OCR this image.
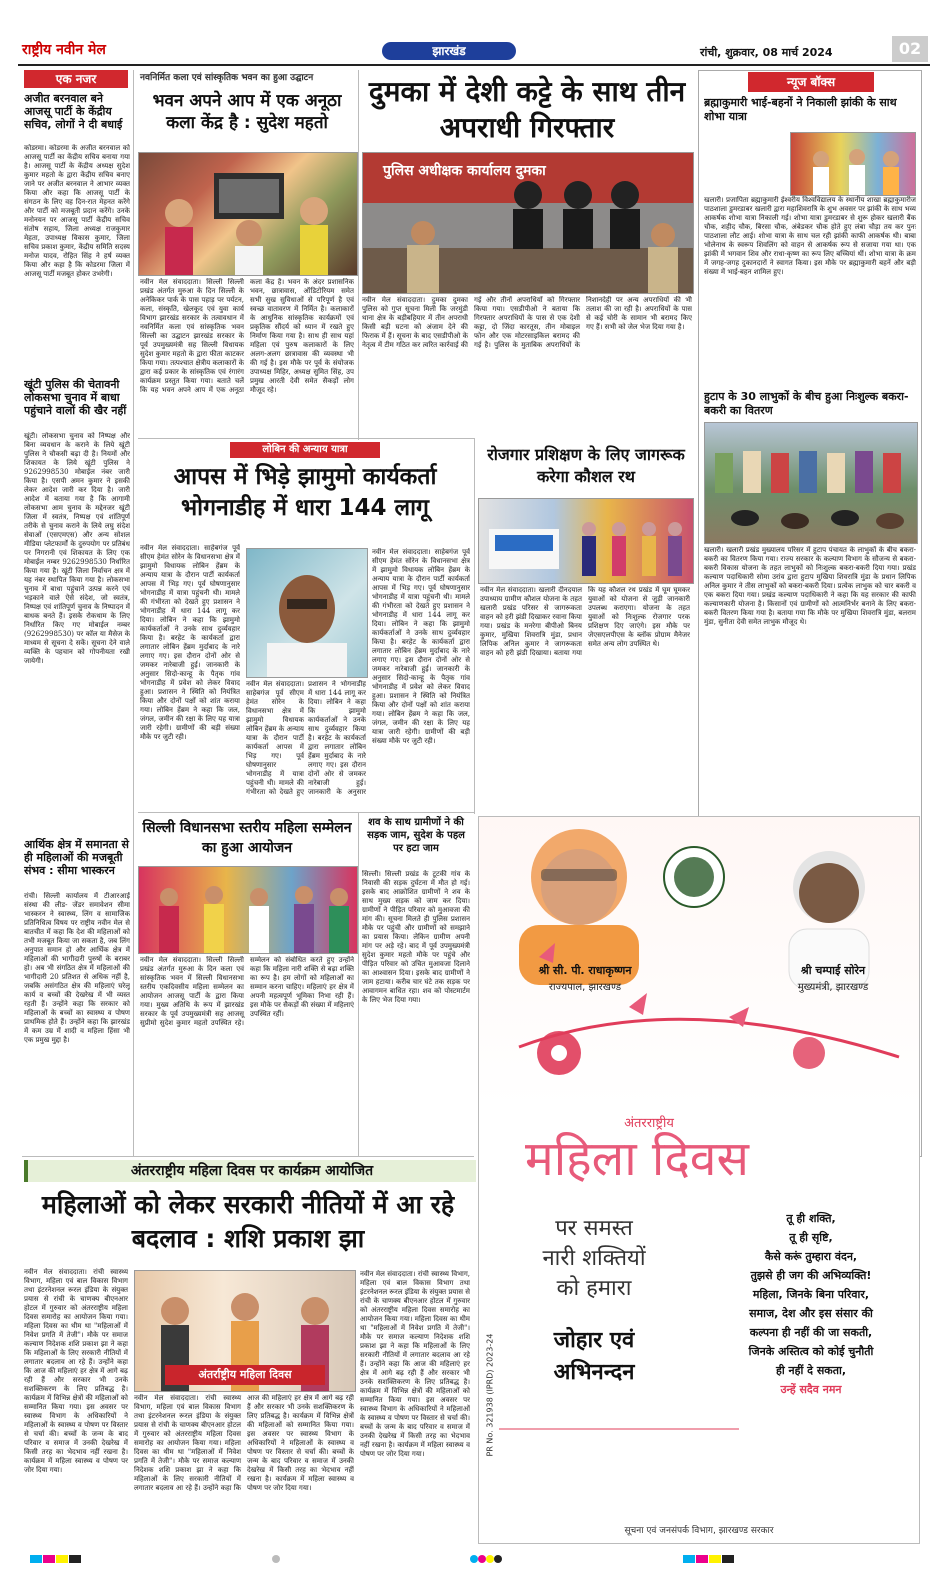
राष्ट्रीय नवीन मेल	झारखंड	रांची, शुक्रवार, 08 मार्च 2024	02
एक नजर
अजीत बरनवाल बने आजसू पार्टी के केंद्रीय सचिव, लोगों ने दी बधाई
कोडरमा। कोडरमा के अजीत बरनवाल को आजसू पार्टी का केंद्रीय सचिव बनाया गया है। आजसू पार्टी के केंद्रीय अध्यक्ष सुदेश कुमार महतो के द्वारा केंद्रीय सचिव बनाए जाने पर अजीत बरनवाल ने आभार व्यक्त किया और कहा कि आजसू पार्टी के संगठन के लिए वह दिन-रात मेहनत करेंगे और पार्टी को मजबूती प्रदान करेंगे। उनके मनोनयन पर आजसू पार्टी केंद्रीय सचिव संतोष सहाय, जिला अध्यक्ष राजकुमार मेहता, उपाध्यक्ष विकास कुमार, जिला सचिव प्रकाश कुमार, केंद्रीय समिति सदस्य मनोज यादव, रोहित सिंह ने हर्ष व्यक्त किया और कहा है कि कोडरमा जिला में आजसू पार्टी मजबूत होकर उभरेगी।
खूंटी पुलिस की चेतावनी लोकसभा चुनाव में बाधा पहुंचाने वालों की खैर नहीं
खूंटी। लोकसभा चुनाव को निष्पक्ष और बिना व्यवधान के कराने के लिये खूंटी पुलिस ने चौकसी बढ़ा दी है। नियमों और शिकायत के लिये खूंटी पुलिस ने 9262998530 मोबाईल नंबर जारी किया है। एसपी अमन कुमार ने इसकी लेकर आदेश जारी कर दिया है। जारी आदेश में बताया गया है कि आगामी लोकसभा आम चुनाव के मद्देनजर खूंटी जिला में स्वतंत्र, निष्पक्ष एवं शांतिपूर्ण तरीके से चुनाव कराने के लिये लघु संदेश सेवाओं (एसएमएस) और अन्य सोशल मीडिया प्लेटफार्मों के दुरुपयोग पर प्रतिबंध पर निगरानी एवं शिकायत के लिए एक मोबाईल नम्बर 9262998530 निर्धारित किया गया है। खूंटी जिला निर्वाचन क्षत्र में यह नंबर स्थापित किया गया है। लोकसभा चुनाव में बाधा पहुंचाने उत्पन्न करने एवं भड़काने वाले ऐसे संदेश, जो स्वतंत्र, निष्पक्ष एवं शांतिपूर्ण चुनाव के निष्पादन में बाधक बनते हैं। इसके रोकथाम के लिए निर्धारित किए गए मोबाईल नम्बर (9262998530) पर कॉल या मैसेज के माध्यम से सूचना दे सकें। सूचना देने वाले व्यक्ति के पहचान को गोपनीयता रखी जायेगी।
आर्थिक क्षेत्र में समानता से ही महिलाओं की मजबूती संभव : सीमा भास्करन
रांची। सिल्ली कार्यालय में टीआरआई संस्था की लीड- जेंडर समावेशन सीमा भास्करन ने स्वास्थ्य, लिंग व सामाजिक प्रतिनिधित्व विषय पर राष्ट्रीय नवीन मेल से बातचीत में कहा कि देश की महिलाओं को तभी मजबूत किया जा सकता है, जब लिंग अनुपात समान हो और आर्थिक क्षेत्र में महिलाओं की भागीदारी पुरुषों के बराबर हो। अब भी संगठित क्षेत्र में महिलाओं की भागीदारी 20 प्रतिशत से अधिक नहीं है, जबकि असंगठित क्षेत्र की महिलाएं घरेलू कार्य व बच्चों की देखरेख में भी व्यस्त रहती हैं। उन्होंने कहा कि सरकार को महिलाओं के बच्चों का स्वास्थ्य व पोषण प्राथमिक होते हैं। उन्होंने कहा कि झारखंड में कम उम्र में शादी व महिला हिंसा भी एक प्रमुख मुद्दा है।
नवनिर्मित कला एवं सांस्कृतिक भवन का हुआ उद्घाटन
भवन अपने आप में एक अनूठा कला केंद्र है : सुदेश महतो
नवीन मेल संवाददाता। सिल्ली सिल्ली प्रखंड अंतर्गत मुरुआ के दिन सिल्ली के अनेकिकर पार्क के पास पहाड़ पर पर्यटन, कला, संस्कृति, खेलकूद एवं युवा कार्य विभाग झारखंड सरकार के तत्वावधान में नवनिर्मित कला एवं सांस्कृतिक भवन सिल्ली का उद्घाटन झारखंड सरकार के पूर्व उपमुख्यमंत्री सह सिल्ली विधायक सुदेश कुमार महतो के द्वारा फीता काटकर किया गया। तत्पश्चात क्षेत्रीय कलाकारों के द्वारा कई प्रकार के सांस्कृतिक एवं रंगारंग कार्यक्रम प्रस्तुत किया गया। बताते चलें कि यह भवन अपने आप में एक अनूठा कला केंद्र है। भवन के अंदर प्रशासनिक भवन, छात्रावास, ऑडिटोरियम समेत सभी सुख सुविधाओं से परिपूर्ण है एवं स्वच्छ वातावरण में निर्मित है। कलाकारों के आधुनिक सांस्कृतिक कार्यक्रमों एवं प्रकृतिक सौंदर्य को ध्यान में रखते हुए निर्माण किया गया है। साथ ही साथ यहां महिला एवं पुरुष कलाकारों के लिए अलग-अलग छात्रावास की व्यवस्था भी की गई है। इस मौके पर पूर्व के संयोजक उपाध्यक्ष मिहिर, अध्यक्ष सुमित सिंह, उप प्रमुख आरती देवी समेत सैकड़ों लोग मौजूद रहे।
दुमका में देशी कट्टे के साथ तीन अपराधी गिरफ्तार
पुलिस अधीक्षक कार्यालय दुमका
नवीन मेल संवाददाता। दुमका दुमका पुलिस को गुप्त सूचना मिली कि जरमुंडी थाना क्षेत्र के बड़ीबहियार में तीन अपराधी किसी बड़ी घटना को अंजाम देने की फिराक में हैं। सूचना के बाद एसडीपीओ के नेतृत्व में टीम गठित कर त्वरित कार्रवाई की गई और तीनों अपराधियों को गिरफ्तार किया गया। एसडीपीओ ने बताया कि गिरफ्तार अपराधियों के पास से एक देशी कट्टा, दो जिंदा कारतूस, तीन मोबाइल फोन और एक मोटरसाइकिल बरामद की गई है। पुलिस के मुताबिक अपराधियों के निशानदेही पर अन्य अपराधियों की भी तलाश की जा रही है। अपराधियों के पास से कई चोरी के सामान भी बरामद किए गए हैं। सभी को जेल भेज दिया गया है।
न्यूज बॉक्स
ब्रह्माकुमारी भाई-बहनों ने निकाली झांकी के साथ शोभा यात्रा
खलारी। प्रजापिता ब्रह्माकुमारी ईश्वरीय विश्वविद्यालय के स्थानीय शाखा ब्रह्माकुमारीज पाठशाला डुमरडाबर खलारी द्वारा महाशिवरात्रि के शुभ अवसर पर झांकी के साथ भव्य आकर्षक शोभा यात्रा निकाली गई। शोभा यात्रा डुमरडाबर से शुरू होकर खलारी बैंक चौक, शहीद चौक, बिरसा चौक, अंबेडकर चौक होते हुए लंबा चौड़ा तय कर पुनः पाठशाला लौट आई। शोभा यात्रा के साथ चल रही झांकी काफी आकर्षक थी। बाबा भोलेनाथ के स्वरूप शिवलिंग को वाहन से आकर्षक रूप से सजाया गया था। एक झांकी में भगवान शिव और राधा-कृष्ण का रूप लिए बच्चियां थीं। शोभा यात्रा के क्रम में जगह-जगह दुकानदारों ने स्वागत किया। इस मौके पर ब्रह्माकुमारी बहनें और बड़ी संख्या में भाई-बहन शामिल हुए।
हुटाप के 30 लाभुकों के बीच हुआ निःशुल्क बकरा-बकरी का वितरण
खलारी। खलारी प्रखंड मुख्यालय परिसर में हुटाप पंचायत के लाभुकों के बीच बकरा-बकरी का वितरण किया गया। राज्य सरकार के कल्याण विभाग के सौजन्य से बकरा-बकरी विकास योजना के तहत लाभुकों को निःशुल्क बकरा-बकरी दिया गया। प्रखंड कल्याण पदाधिकारी सोमा उरांव द्वारा हुटाप मुखिया शिवरात्रि मुंडा के प्रधान लिपिक अनिल कुमार ने तीस लाभुकों को बकरा-बकरी दिया। प्रत्येक लाभुक को चार बकरी व एक बकरा दिया गया। प्रखंड कल्याण पदाधिकारी ने कहा कि यह सरकार की काफी कल्याणकारी योजना है। किसानों एवं ग्रामीणों को आत्मनिर्भर बनाने के लिए बकरा-बकरी वितरण किया गया है। बताया गया कि मौके पर मुखिया शिवरात्रि मुंडा, बलराम मुंडा, सुनीता देवी समेत लाभुक मौजूद थे।
लोबिन की अन्याय यात्रा
आपस में भिड़े झामुमो कार्यकर्ता भोगनाडीह में धारा 144 लागू
नवीन मेल संवाददाता। साहेबगंज पूर्व सीएम हेमंत सोरेन के विधानसभा क्षेत्र में झामुमो विधायक लोबिन हेंब्रम के अन्याय यात्रा के दौरान पार्टी कार्यकर्ता आपस में भिड़ गए। पूर्व घोषणानुसार भोगनाडीह में यात्रा पहुंचनी थी। मामले की गंभीरता को देखते हुए प्रशासन ने भोगनाडीह में धारा 144 लागू कर दिया। लोबिन ने कहा कि झामुमो कार्यकर्ताओं ने उनके साथ दुर्व्यवहार किया है। बरहेट के कार्यकर्ता द्वारा लगातार लोबिन हेंब्रम मुर्दाबाद के नारे लगाए गए। इस दौरान दोनों ओर से जमकर नारेबाजी हुई। जानकारी के अनुसार सिदो-कान्हू के पैतृक गांव भोगनाडीह में प्रवेश को लेकर विवाद हुआ। प्रशासन ने स्थिति को नियंत्रित किया और दोनों पक्षों को शांत कराया गया। लोबिन हेंब्रम ने कहा कि जल, जंगल, जमीन की रक्षा के लिए यह यात्रा जारी रहेगी। ग्रामीणों की बड़ी संख्या मौके पर जुटी रही।
नवीन मेल संवाददाता। साहेबगंज पूर्व सीएम हेमंत सोरेन के विधानसभा क्षेत्र में झामुमो विधायक लोबिन हेंब्रम के अन्याय यात्रा के दौरान पार्टी कार्यकर्ता आपस में भिड़ गए। पूर्व घोषणानुसार भोगनाडीह में यात्रा पहुंचनी थी। मामले की गंभीरता को देखते हुए प्रशासन ने भोगनाडीह में धारा 144 लागू कर दिया। लोबिन ने कहा कि झामुमो कार्यकर्ताओं ने उनके साथ दुर्व्यवहार किया है। बरहेट के कार्यकर्ता द्वारा लगातार लोबिन हेंब्रम मुर्दाबाद के नारे लगाए गए। इस दौरान दोनों ओर से जमकर नारेबाजी हुई। जानकारी के अनुसार
नवीन मेल संवाददाता। साहेबगंज पूर्व सीएम हेमंत सोरेन के विधानसभा क्षेत्र में झामुमो विधायक लोबिन हेंब्रम के अन्याय यात्रा के दौरान पार्टी कार्यकर्ता आपस में भिड़ गए। पूर्व घोषणानुसार भोगनाडीह में यात्रा पहुंचनी थी। मामले की गंभीरता को देखते हुए प्रशासन ने भोगनाडीह में धारा 144 लागू कर दिया। लोबिन ने कहा कि झामुमो कार्यकर्ताओं ने उनके साथ दुर्व्यवहार किया है। बरहेट के कार्यकर्ता द्वारा लगातार लोबिन हेंब्रम मुर्दाबाद के नारे लगाए गए। इस दौरान दोनों ओर से जमकर नारेबाजी हुई। जानकारी के अनुसार सिदो-कान्हू के पैतृक गांव भोगनाडीह में प्रवेश को लेकर विवाद हुआ। प्रशासन ने स्थिति को नियंत्रित किया और दोनों पक्षों को शांत कराया गया। लोबिन हेंब्रम ने कहा कि जल, जंगल, जमीन की रक्षा के लिए यह यात्रा जारी रहेगी। ग्रामीणों की बड़ी संख्या मौके पर जुटी रही।
रोजगार प्रशिक्षण के लिए जागरूक करेगा कौशल रथ
नवीन मेल संवाददाता। खलारी दीनदयाल उपाध्याय ग्रामीण कौशल योजना के तहत खलारी प्रखंड परिसर से जागरूकता वाहन को हरी झंडी दिखाकर रवाना किया गया। प्रखंड के मनरेगा बीपीओ बिनय कुमार, मुखिया शिवरात्रि मुंडा, प्रधान लिपिक अनिल कुमार ने जागरूकता वाहन को हरी झंडी दिखाया। बताया गया कि यह कौशल रथ प्रखंड में घूम घूमकर युवाओं को योजना से जुड़ी जानकारी उपलब्ध कराएगा। योजना के तहत युवाओं को निःशुल्क रोजगार परक प्रशिक्षण दिए जाएंगे। इस मौके पर जेएसएलपीएस के ब्लॉक प्रोग्राम मैनेजर समेत अन्य लोग उपस्थित थे।
सिल्ली विधानसभा स्तरीय महिला सम्मेलन का हुआ आयोजन
नवीन मेल संवाददाता। सिल्ली सिल्ली प्रखंड अंतर्गत मुरुआ के दिन कला एवं सांस्कृतिक भवन में सिल्ली विधानसभा स्तरीय एकदिवसीय महिला सम्मेलन का आयोजन आजसू पार्टी के द्वारा किया गया। मुख्य अतिथि के रूप में झारखंड सरकार के पूर्व उपमुख्यमंत्री सह आजसू सुप्रीमो सुदेश कुमार महतो उपस्थित रहे। सम्मेलन को संबोधित करते हुए उन्होंने कहा कि महिला नारी शक्ति से बढ़ा शक्ति का रूप है। हम लोगों को महिलाओं का सम्मान करना चाहिए। महिलाएं हर क्षेत्र में अपनी महत्वपूर्ण भूमिका निभा रही हैं। इस मौके पर सैकड़ों की संख्या में महिलाएं उपस्थित रहीं।
शव के साथ ग्रामीणों ने की सड़क जाम, सुदेश के पहल पर हटा जाम
सिल्ली। सिल्ली प्रखंड के टूटकी गांव के निवासी की सड़क दुर्घटना में मौत हो गई। इसके बाद आक्रोशित ग्रामीणों ने शव के साथ मुख्य सड़क को जाम कर दिया। ग्रामीणों ने पीड़ित परिवार को मुआवजा की मांग की। सूचना मिलते ही पुलिस प्रशासन मौके पर पहुंची और ग्रामीणों को समझाने का प्रयास किया। लेकिन ग्रामीण अपनी मांग पर अड़े रहे। बाद में पूर्व उपमुख्यमंत्री सुदेश कुमार महतो मौके पर पहुंचे और पीड़ित परिवार को उचित मुआवजा दिलाने का आश्वासन दिया। इसके बाद ग्रामीणों ने जाम हटाया। करीब चार घंटे तक सड़क पर आवागमन बाधित रहा। शव को पोस्टमार्टम के लिए भेज दिया गया।
श्री सी. पी. राधाकृष्णन
राज्यपाल, झारखण्ड
श्री चम्पाई सोरेन
मुख्यमंत्री, झारखण्ड
अंतरराष्ट्रीय
महिला दिवस
पर समस्त
नारी शक्तियों
को हमारा
जोहार एवं
अभिनन्दन
तू ही शक्ति,
तू ही सृष्टि,
कैसे करूं तुम्हारा वंदन,
तुझसे ही जग की अभिव्यक्ति!
महिला, जिनके बिना परिवार,
समाज, देश और इस संसार की
कल्पना ही नहीं की जा सकती,
जिनके अस्तित्व को कोई चुनौती
ही नहीं दे सकता,
उन्हें सदैव नमन
PR No. 321938 (IPRD) 2023-24
सूचना एवं जनसंपर्क विभाग, झारखण्ड सरकार
अंतरराष्ट्रीय महिला दिवस पर कार्यक्रम आयोजित
महिलाओं को लेकर सरकारी नीतियों में आ रहे बदलाव : शशि प्रकाश झा
नवीन मेल संवाददाता। रांची स्वास्थ्य विभाग, महिला एवं बाल विकास विभाग तथा इंटरनेशनल रूरल इंडिया के संयुक्त प्रयास से रांची के चाणक्य बीएनआर होटल में गुरुवार को अंतरराष्ट्रीय महिला दिवस समारोह का आयोजन किया गया। महिला दिवस का थीम था "महिलाओं में निवेश प्रगति में तेजी"। मौके पर समाज कल्याण निदेशक शशि प्रकाश झा ने कहा कि महिलाओं के लिए सरकारी नीतियों में लगातार बदलाव आ रहे हैं। उन्होंने कहा कि आज की महिलाएं हर क्षेत्र में आगे बढ़ रही हैं और सरकार भी उनके सशक्तिकरण के लिए प्रतिबद्ध है। कार्यक्रम में विभिन्न क्षेत्रों की महिलाओं को सम्मानित किया गया। इस अवसर पर स्वास्थ्य विभाग के अधिकारियों ने महिलाओं के स्वास्थ्य व पोषण पर विस्तार से चर्चा की। बच्चों के जन्म के बाद परिवार व समाज में उनकी देखरेख में किसी तरह का भेदभाव नहीं रखना है। कार्यक्रम में महिला स्वास्थ्य व पोषण पर जोर दिया गया।
अंतर्राष्ट्रीय महिला दिवस
नवीन मेल संवाददाता। रांची स्वास्थ्य विभाग, महिला एवं बाल विकास विभाग तथा इंटरनेशनल रूरल इंडिया के संयुक्त प्रयास से रांची के चाणक्य बीएनआर होटल में गुरुवार को अंतरराष्ट्रीय महिला दिवस समारोह का आयोजन किया गया। महिला दिवस का थीम था "महिलाओं में निवेश प्रगति में तेजी"। मौके पर समाज कल्याण निदेशक शशि प्रकाश झा ने कहा कि महिलाओं के लिए सरकारी नीतियों में लगातार बदलाव आ रहे हैं। उन्होंने कहा कि आज की महिलाएं हर क्षेत्र में आगे बढ़ रही हैं और सरकार भी उनके सशक्तिकरण के लिए प्रतिबद्ध है। कार्यक्रम में विभिन्न क्षेत्रों की महिलाओं को सम्मानित किया गया। इस अवसर पर स्वास्थ्य विभाग के अधिकारियों ने महिलाओं के स्वास्थ्य व पोषण पर विस्तार से चर्चा की। बच्चों के जन्म के बाद परिवार व समाज में उनकी देखरेख में किसी तरह का भेदभाव नहीं रखना है। कार्यक्रम में महिला स्वास्थ्य व पोषण पर जोर दिया गया।
नवीन मेल संवाददाता। रांची स्वास्थ्य विभाग, महिला एवं बाल विकास विभाग तथा इंटरनेशनल रूरल इंडिया के संयुक्त प्रयास से रांची के चाणक्य बीएनआर होटल में गुरुवार को अंतरराष्ट्रीय महिला दिवस समारोह का आयोजन किया गया। महिला दिवस का थीम था "महिलाओं में निवेश प्रगति में तेजी"। मौके पर समाज कल्याण निदेशक शशि प्रकाश झा ने कहा कि महिलाओं के लिए सरकारी नीतियों में लगातार बदलाव आ रहे हैं। उन्होंने कहा कि आज की महिलाएं हर क्षेत्र में आगे बढ़ रही हैं और सरकार भी उनके सशक्तिकरण के लिए प्रतिबद्ध है। कार्यक्रम में विभिन्न क्षेत्रों की महिलाओं को सम्मानित किया गया। इस अवसर पर स्वास्थ्य विभाग के अधिकारियों ने महिलाओं के स्वास्थ्य व पोषण पर विस्तार से चर्चा की। बच्चों के जन्म के बाद परिवार व समाज में उनकी देखरेख में किसी तरह का भेदभाव नहीं रखना है। कार्यक्रम में महिला स्वास्थ्य व पोषण पर जोर दिया गया।
